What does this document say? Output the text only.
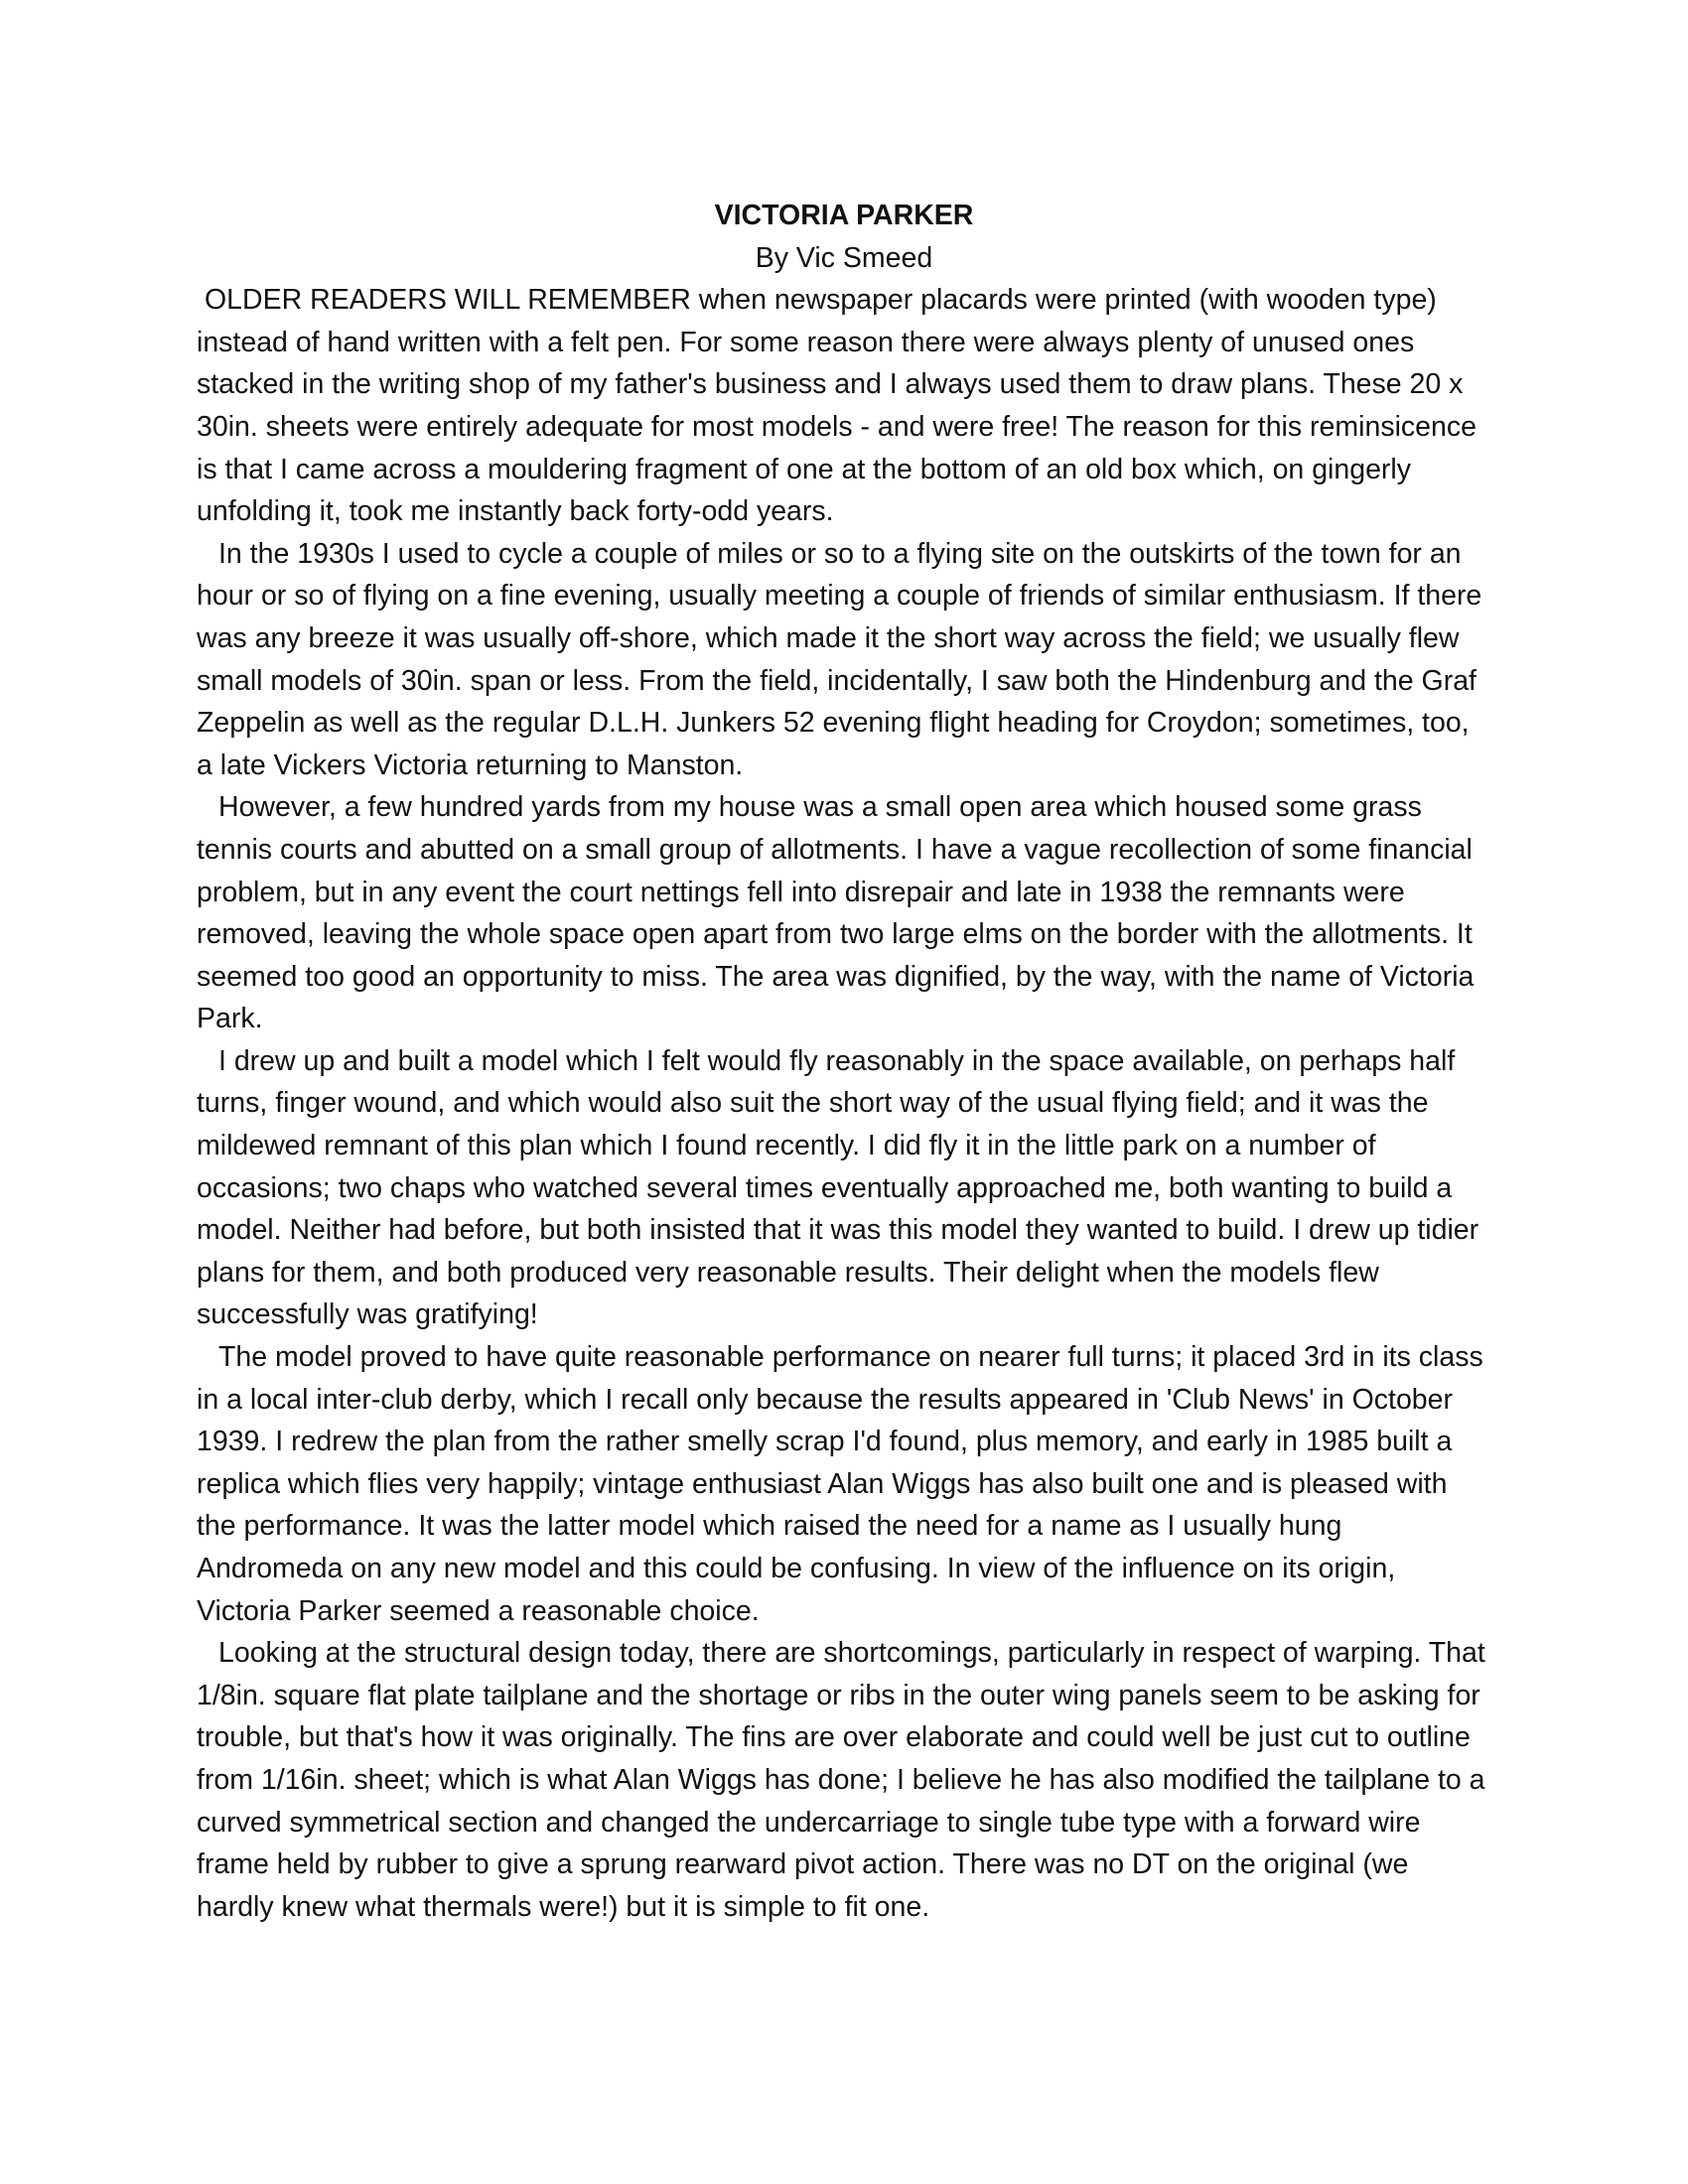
VICTORIA PARKER

By Vic Smeed

OLDER READERS WILL REMEMBER when newspaper placards were printed (with wooden type) instead of hand written with a felt pen. For some reason there were always plenty of unused ones stacked in the writing shop of my father's business and I always used them to draw plans. These 20 x 30in. sheets were entirely adequate for most models - and were free! The reason for this reminsicence is that I came across a mouldering fragment of one at the bottom of an old box which, on gingerly unfolding it, took me instantly back forty-odd years.

In the 1930s I used to cycle a couple of miles or so to a flying site on the outskirts of the town for an hour or so of flying on a fine evening, usually meeting a couple of friends of similar enthusiasm. If there was any breeze it was usually off-shore, which made it the short way across the field; we usually flew small models of 30in. span or less. From the field, incidentally, I saw both the Hindenburg and the Graf Zeppelin as well as the regular D.L.H. Junkers 52 evening flight heading for Croydon; sometimes, too, a late Vickers Victoria returning to Manston.

However, a few hundred yards from my house was a small open area which housed some grass tennis courts and abutted on a small group of allotments. I have a vague recollection of some financial problem, but in any event the court nettings fell into disrepair and late in 1938 the remnants were removed, leaving the whole space open apart from two large elms on the border with the allotments. It seemed too good an opportunity to miss. The area was dignified, by the way, with the name of Victoria Park.

I drew up and built a model which I felt would fly reasonably in the space available, on perhaps half turns, finger wound, and which would also suit the short way of the usual flying field; and it was the mildewed remnant of this plan which I found recently. I did fly it in the little park on a number of occasions; two chaps who watched several times eventually approached me, both wanting to build a model. Neither had before, but both insisted that it was this model they wanted to build. I drew up tidier plans for them, and both produced very reasonable results. Their delight when the models flew successfully was gratifying!

The model proved to have quite reasonable performance on nearer full turns; it placed 3rd in its class in a local inter-club derby, which I recall only because the results appeared in 'Club News' in October 1939. I redrew the plan from the rather smelly scrap I'd found, plus memory, and early in 1985 built a replica which flies very happily; vintage enthusiast Alan Wiggs has also built one and is pleased with the performance. It was the latter model which raised the need for a name as I usually hung Andromeda on any new model and this could be confusing. In view of the influence on its origin, Victoria Parker seemed a reasonable choice.

Looking at the structural design today, there are shortcomings, particularly in respect of warping. That 1/8in. square flat plate tailplane and the shortage or ribs in the outer wing panels seem to be asking for trouble, but that's how it was originally. The fins are over elaborate and could well be just cut to outline from 1/16in. sheet; which is what Alan Wiggs has done; I believe he has also modified the tailplane to a curved symmetrical section and changed the undercarriage to single tube type with a forward wire frame held by rubber to give a sprung rearward pivot action. There was no DT on the original (we hardly knew what thermals were!) but it is simple to fit one.
